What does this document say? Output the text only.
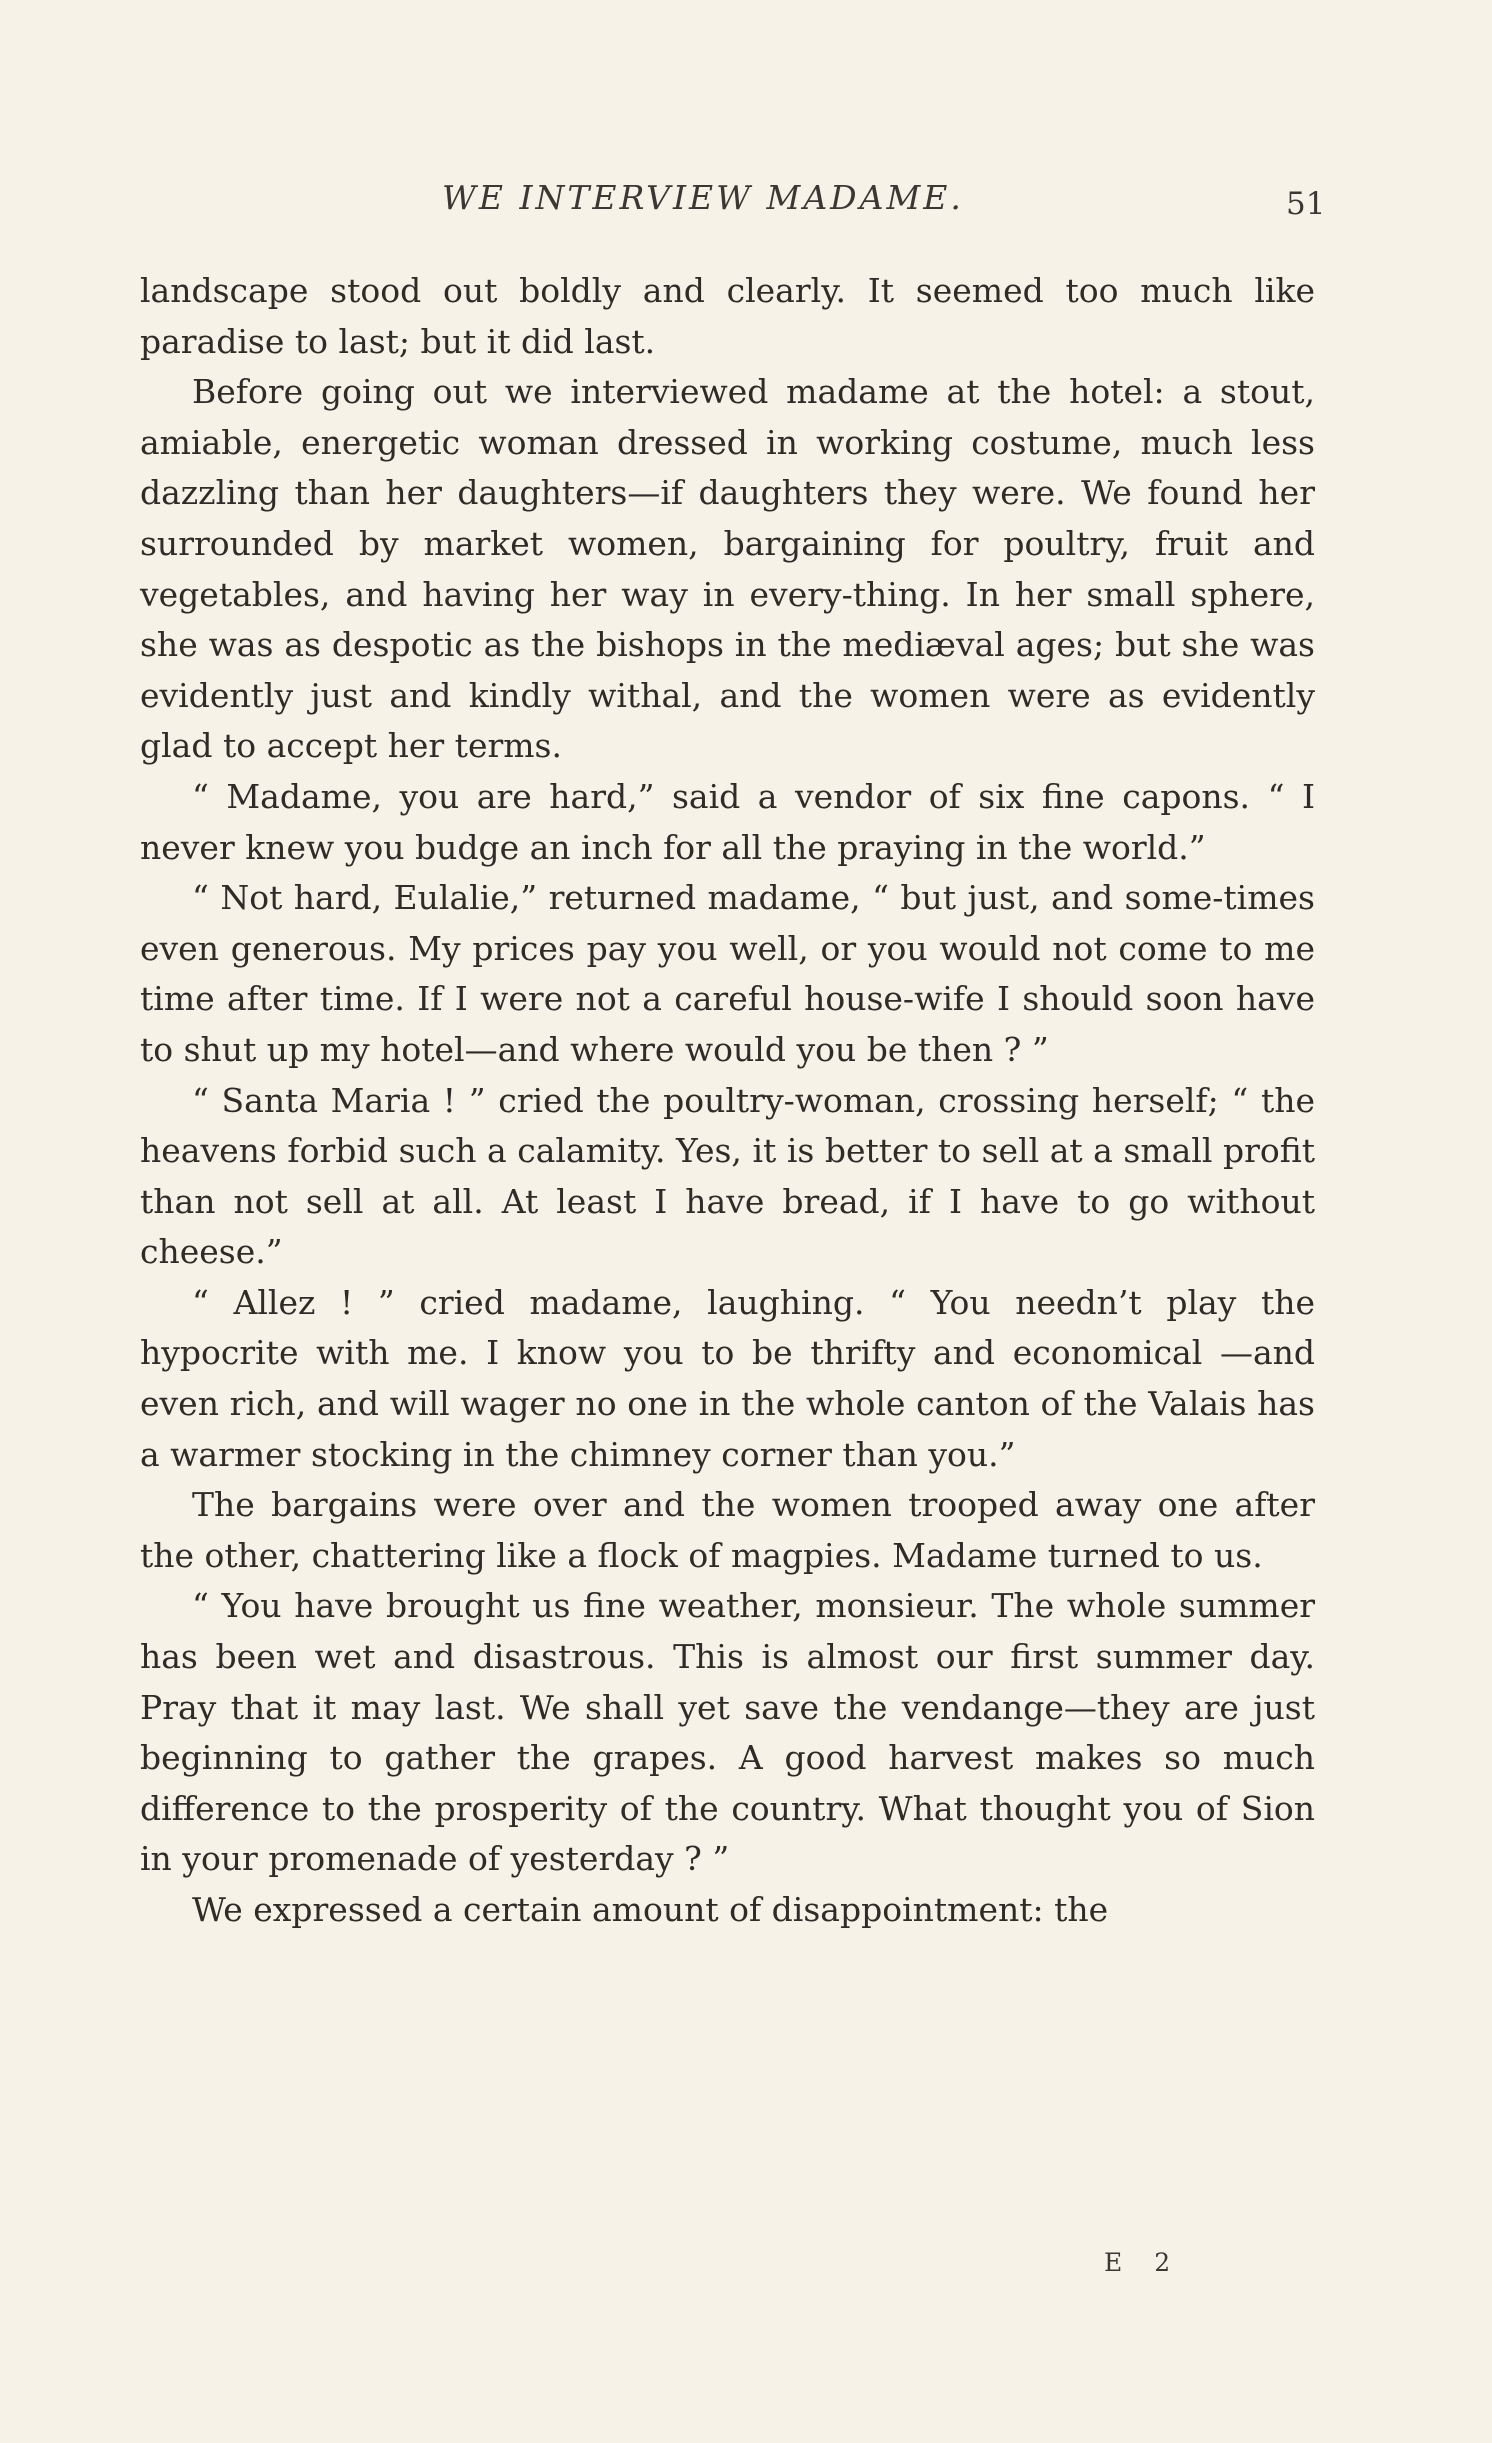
WE INTERVIEW MADAME.	51

landscape stood out boldly and clearly. It seemed too much like paradise to last; but it did last.

Before going out we interviewed madame at the hotel: a stout, amiable, energetic woman dressed in working costume, much less dazzling than her daughters—if daughters they were. We found her surrounded by market women, bargaining for poultry, fruit and vegetables, and having her way in every-thing. In her small sphere, she was as despotic as the bishops in the mediæval ages; but she was evidently just and kindly withal, and the women were as evidently glad to accept her terms.

“ Madame, you are hard,” said a vendor of six fine capons. “ I never knew you budge an inch for all the praying in the world.”

“ Not hard, Eulalie,” returned madame, “ but just, and some-times even generous. My prices pay you well, or you would not come to me time after time. If I were not a careful house-wife I should soon have to shut up my hotel—and where would you be then ? ”

“ Santa Maria ! ” cried the poultry-woman, crossing herself; “ the heavens forbid such a calamity. Yes, it is better to sell at a small profit than not sell at all. At least I have bread, if I have to go without cheese.”

“ Allez ! ” cried madame, laughing. “ You needn’t play the hypocrite with me. I know you to be thrifty and economical —and even rich, and will wager no one in the whole canton of the Valais has a warmer stocking in the chimney corner than you.”

The bargains were over and the women trooped away one after the other, chattering like a flock of magpies. Madame turned to us.

“ You have brought us fine weather, monsieur. The whole summer has been wet and disastrous. This is almost our first summer day. Pray that it may last. We shall yet save the vendange—they are just beginning to gather the grapes. A good harvest makes so much difference to the prosperity of the country. What thought you of Sion in your promenade of yesterday ? ”

We expressed a certain amount of disappointment: the

E 2
